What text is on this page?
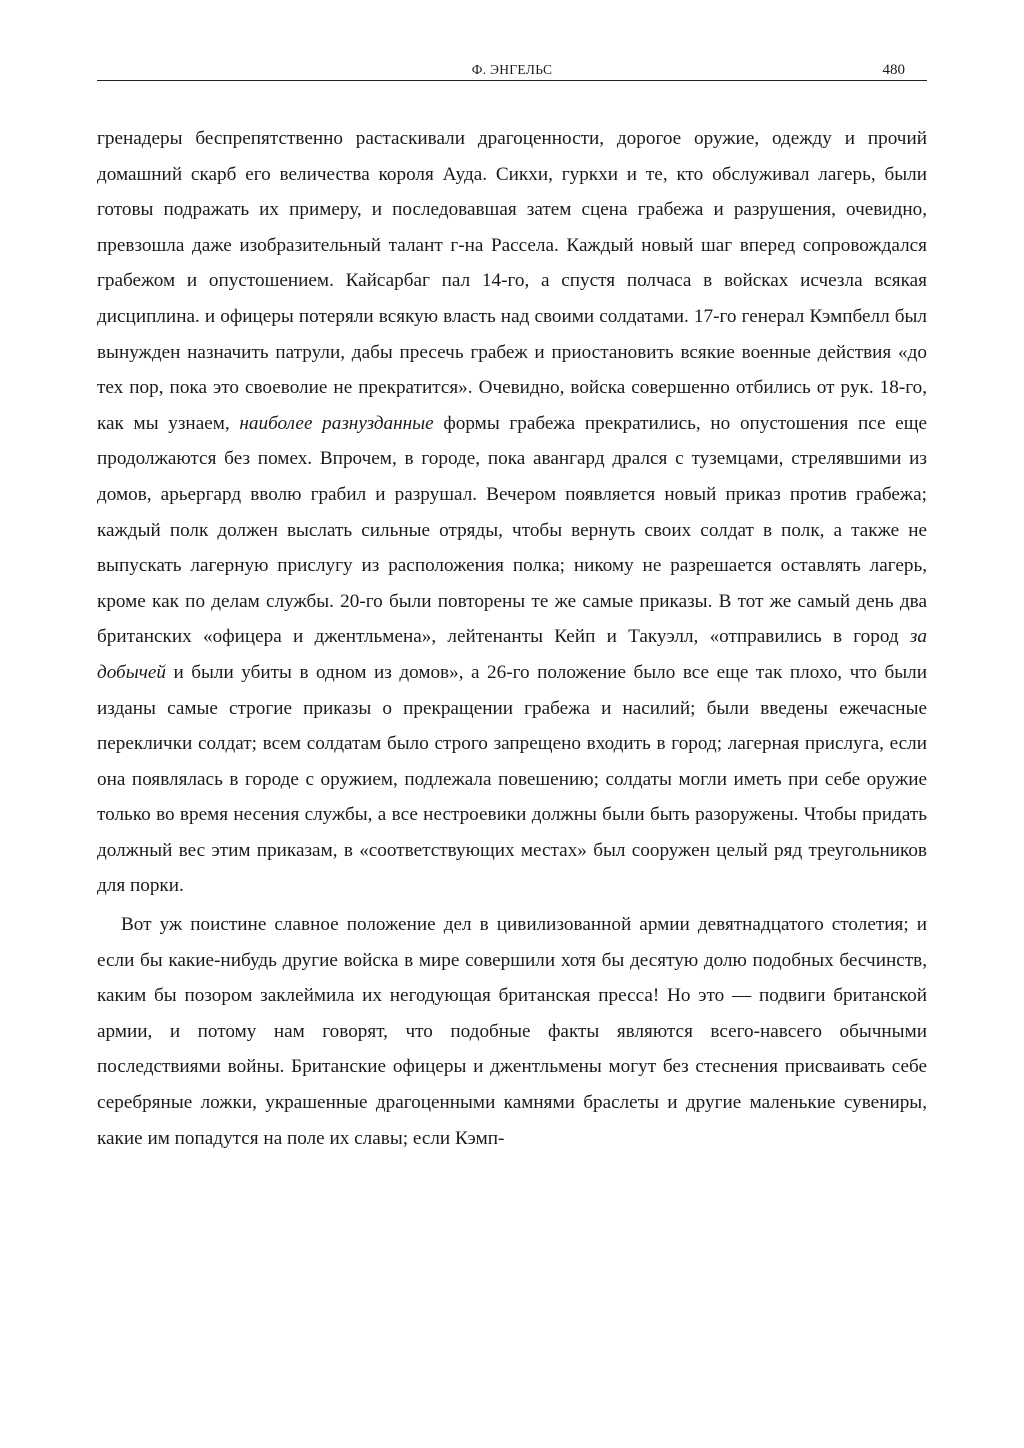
Ф. ЭНГЕЛЬС	480

гренадеры беспрепятственно растаскивали драгоценности, дорогое оружие, одежду и прочий домашний скарб его величества короля Ауда. Сикхи, гуркхи и те, кто обслуживал лагерь, были готовы подражать их примеру, и последовавшая затем сцена грабежа и разрушения, очевидно, превзошла даже изобразительный талант г-на Рассела. Каждый новый шаг вперед сопровождался грабежом и опустошением. Кайсарбаг пал 14-го, а спустя полчаса в войсках исчезла всякая дисциплина. и офицеры потеряли всякую власть над своими солдатами. 17-го генерал Кэмпбелл был вынужден назначить патрули, дабы пресечь грабеж и приостановить всякие военные действия «до тех пор, пока это своеволие не прекратится». Очевидно, войска совершенно отбились от рук. 18-го, как мы узнаем, наиболее разнузданные формы грабежа прекратились, но опустошения псе еще продолжаются без помех. Впрочем, в городе, пока авангард дрался с туземцами, стрелявшими из домов, арьергард вволю грабил и разрушал. Вечером появляется новый приказ против грабежа; каждый полк должен выслать сильные отряды, чтобы вернуть своих солдат в полк, а также не выпускать лагерную прислугу из расположения полка; никому не разрешается оставлять лагерь, кроме как по делам службы. 20-го были повторены те же самые приказы. В тот же самый день два британских «офицера и джентльмена», лейтенанты Кейп и Такуэлл, «отправились в город за добычей и были убиты в одном из домов», а 26-го положение было все еще так плохо, что были изданы самые строгие приказы о прекращении грабежа и насилий; были введены ежечасные переклички солдат; всем солдатам было строго запрещено входить в город; лагерная прислуга, если она появлялась в городе с оружием, подлежала повешению; солдаты могли иметь при себе оружие только во время несения службы, а все нестроевики должны были быть разоружены. Чтобы придать должный вес этим приказам, в «соответствующих местах» был сооружен целый ряд треугольников для порки.

Вот уж поистине славное положение дел в цивилизованной армии девятнадцатого столетия; и если бы какие-нибудь другие войска в мире совершили хотя бы десятую долю подобных бесчинств, каким бы позором заклеймила их негодующая британская пресса! Но это — подвиги британской армии, и потому нам говорят, что подобные факты являются всего-навсего обычными последствиями войны. Британские офицеры и джентльмены могут без стеснения присваивать себе серебряные ложки, украшенные драгоценными камнями браслеты и другие маленькие сувениры, какие им попадутся на поле их славы; если Кэмп-
